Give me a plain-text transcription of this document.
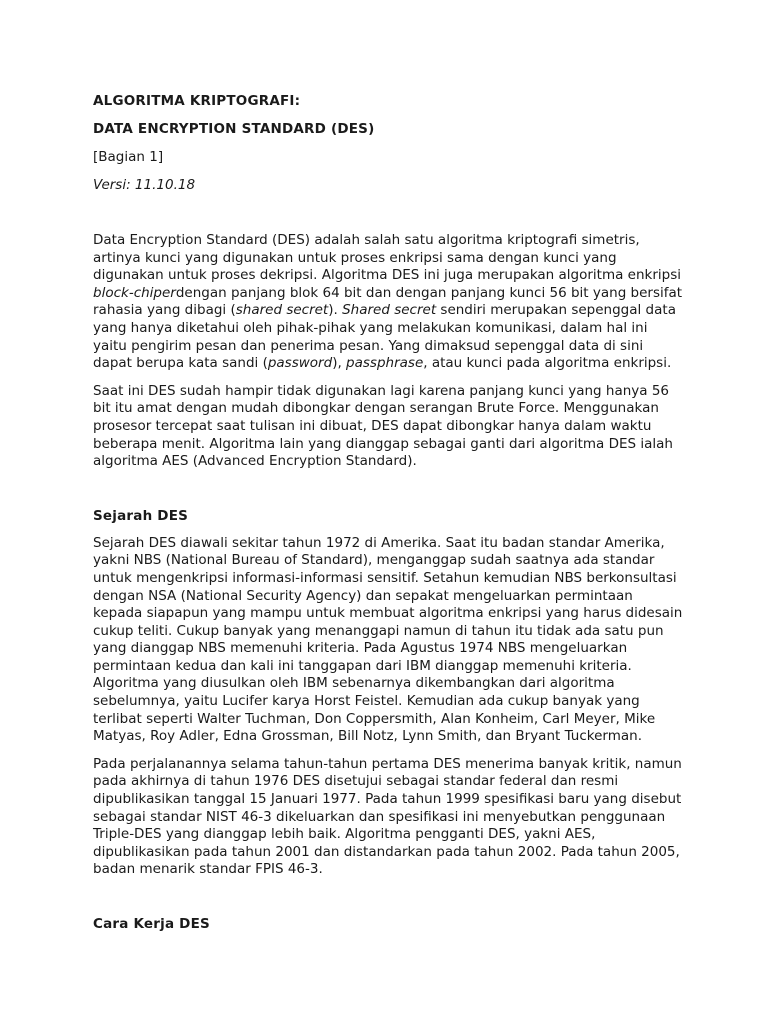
ALGORITMA KRIPTOGRAFI:
DATA ENCRYPTION STANDARD (DES)
[Bagian 1]
Versi: 11.10.18

Data Encryption Standard (DES) adalah salah satu algoritma kriptografi simetris, artinya kunci yang digunakan untuk proses enkripsi sama dengan kunci yang digunakan untuk proses dekripsi. Algoritma DES ini juga merupakan algoritma enkripsi block-chiperdengan panjang blok 64 bit dan dengan panjang kunci 56 bit yang bersifat rahasia yang dibagi (shared secret). Shared secret sendiri merupakan sepenggal data yang hanya diketahui oleh pihak-pihak yang melakukan komunikasi, dalam hal ini yaitu pengirim pesan dan penerima pesan. Yang dimaksud sepenggal data di sini dapat berupa kata sandi (password), passphrase, atau kunci pada algoritma enkripsi.

Saat ini DES sudah hampir tidak digunakan lagi karena panjang kunci yang hanya 56 bit itu amat dengan mudah dibongkar dengan serangan Brute Force. Menggunakan prosesor tercepat saat tulisan ini dibuat, DES dapat dibongkar hanya dalam waktu beberapa menit. Algoritma lain yang dianggap sebagai ganti dari algoritma DES ialah algoritma AES (Advanced Encryption Standard).

Sejarah DES

Sejarah DES diawali sekitar tahun 1972 di Amerika. Saat itu badan standar Amerika, yakni NBS (National Bureau of Standard), menganggap sudah saatnya ada standar untuk mengenkripsi informasi-informasi sensitif. Setahun kemudian NBS berkonsultasi dengan NSA (National Security Agency) dan sepakat mengeluarkan permintaan kepada siapapun yang mampu untuk membuat algoritma enkripsi yang harus didesain cukup teliti. Cukup banyak yang menanggapi namun di tahun itu tidak ada satu pun yang dianggap NBS memenuhi kriteria. Pada Agustus 1974 NBS mengeluarkan permintaan kedua dan kali ini tanggapan dari IBM dianggap memenuhi kriteria. Algoritma yang diusulkan oleh IBM sebenarnya dikembangkan dari algoritma sebelumnya, yaitu Lucifer karya Horst Feistel. Kemudian ada cukup banyak yang terlibat seperti Walter Tuchman, Don Coppersmith, Alan Konheim, Carl Meyer, Mike Matyas, Roy Adler, Edna Grossman, Bill Notz, Lynn Smith, dan Bryant Tuckerman.

Pada perjalanannya selama tahun-tahun pertama DES menerima banyak kritik, namun pada akhirnya di tahun 1976 DES disetujui sebagai standar federal dan resmi dipublikasikan tanggal 15 Januari 1977. Pada tahun 1999 spesifikasi baru yang disebut sebagai standar NIST 46-3 dikeluarkan dan spesifikasi ini menyebutkan penggunaan Triple-DES yang dianggap lebih baik. Algoritma pengganti DES, yakni AES, dipublikasikan pada tahun 2001 dan distandarkan pada tahun 2002. Pada tahun 2005, badan menarik standar FPIS 46-3.

Cara Kerja DES
